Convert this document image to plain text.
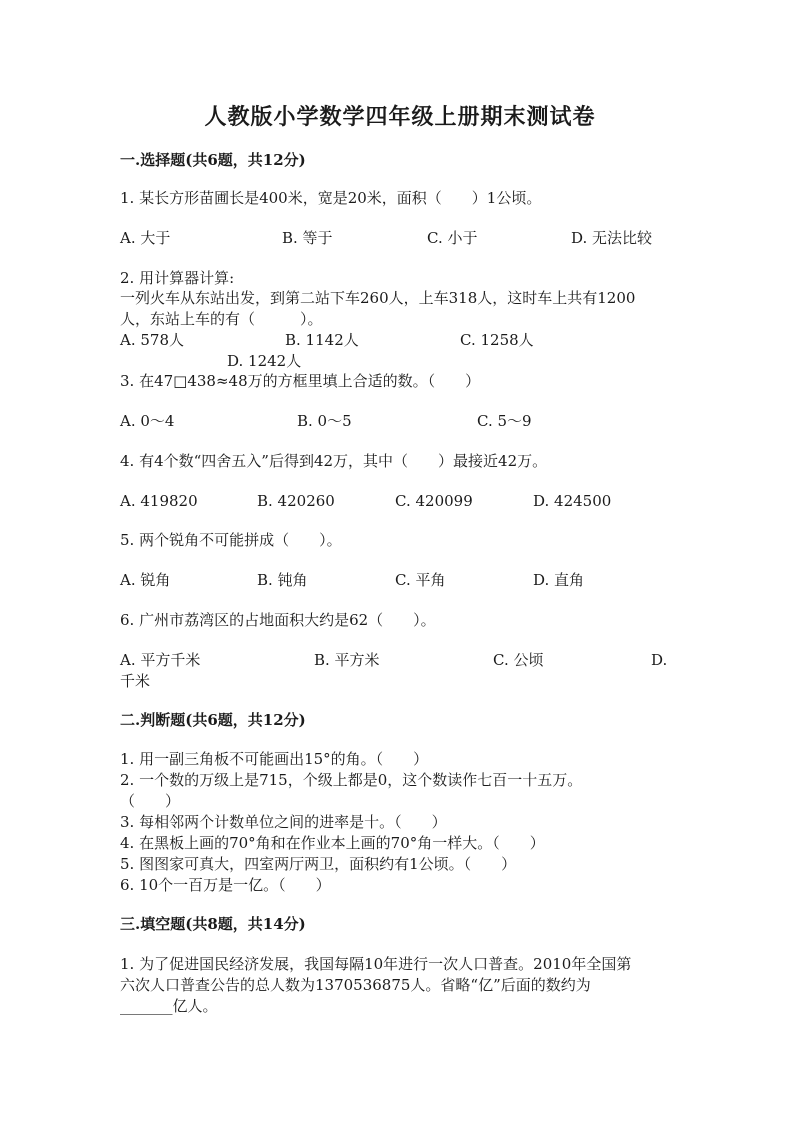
人教版小学数学四年级上册期末测试卷
一.选择题(共6题，共12分)
1. 某长方形苗圃长是400米，宽是20米，面积（　　）1公顷。
A. 大于	B. 等于	C. 小于	D. 无法比较
2. 用计算器计算:
一列火车从东站出发，到第二站下车260人，上车318人，这时车上共有1200
人，东站上车的有（　　　）。
A. 578人	B. 1142人	C. 1258人
D. 1242人
3. 在47□438≈48万的方框里填上合适的数。（　　）
A. 0～4	B. 0～5	C. 5～9
4. 有4个数“四舍五入”后得到42万，其中（　　）最接近42万。
A. 419820	B. 420260	C. 420099	D. 424500
5. 两个锐角不可能拼成（　　）。
A. 锐角	B. 钝角	C. 平角	D. 直角
6. 广州市荔湾区的占地面积大约是62（　　）。
A. 平方千米	B. 平方米	C. 公顷	D.
千米
二.判断题(共6题，共12分)
1. 用一副三角板不可能画出15°的角。（　　）
2. 一个数的万级上是715，个级上都是0，这个数读作七百一十五万。
（　　）
3. 每相邻两个计数单位之间的进率是十。（　　）
4. 在黑板上画的70°角和在作业本上画的70°角一样大。（　　）
5. 图图家可真大，四室两厅两卫，面积约有1公顷。（　　）
6. 10个一百万是一亿。（　　）
三.填空题(共8题，共14分)
1. 为了促进国民经济发展，我国每隔10年进行一次人口普查。2010年全国第
六次人口普查公告的总人数为1370536875人。省略“亿”后面的数约为
_______亿人。
